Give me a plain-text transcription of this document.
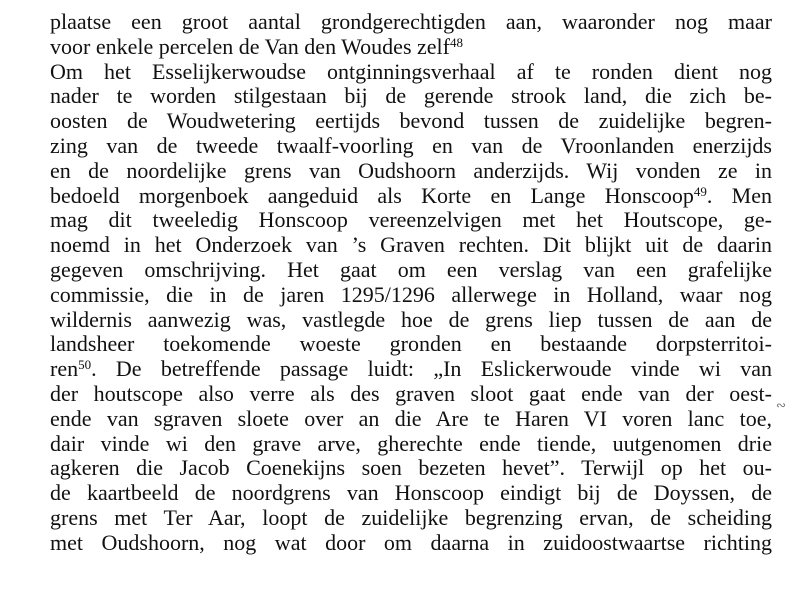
plaatse een groot aantal grondgerechtigden aan, waaronder nog maar
voor enkele percelen de Van den Woudes zelf$^{48}$
Om het Esselijkerwoudse ontginningsverhaal af te ronden dient nog
nader te worden stilgestaan bij de gerende strook land, die zich be-
oosten de Woudwetering eertijds bevond tussen de zuidelijke begren-
zing van de tweede twaalf-voorling en van de Vroonlanden enerzijds
en de noordelijke grens van Oudshoorn anderzijds. Wij vonden ze in
bedoeld morgenboek aangeduid als Korte en Lange Honscoop$^{49}$. Men
mag dit tweeledig Honscoop vereenzelvigen met het Houtscope, ge-
noemd in het Onderzoek van ’s Graven rechten. Dit blijkt uit de daarin
gegeven omschrijving. Het gaat om een verslag van een grafelijke
commissie, die in de jaren 1295/1296 allerwege in Holland, waar nog
wildernis aanwezig was, vastlegde hoe de grens liep tussen de aan de
landsheer toekomende woeste gronden en bestaande dorpsterritoi-
ren$^{50}$. De betreffende passage luidt: „In Eslickerwoude vinde wi van
der houtscope also verre als des graven sloot gaat ende van der oest-
ende van sgraven sloete over an die Are te Haren VI voren lanc toe,
dair vinde wi den grave arve, gherechte ende tiende, uutgenomen drie
agkeren die Jacob Coenekijns soen bezeten hevet”. Terwijl op het ou-
de kaartbeeld de noordgrens van Honscoop eindigt bij de Doyssen, de
grens met Ter Aar, loopt de zuidelijke begrenzing ervan, de scheiding
met Oudshoorn, nog wat door om daarna in zuidoostwaartse richting
∾
